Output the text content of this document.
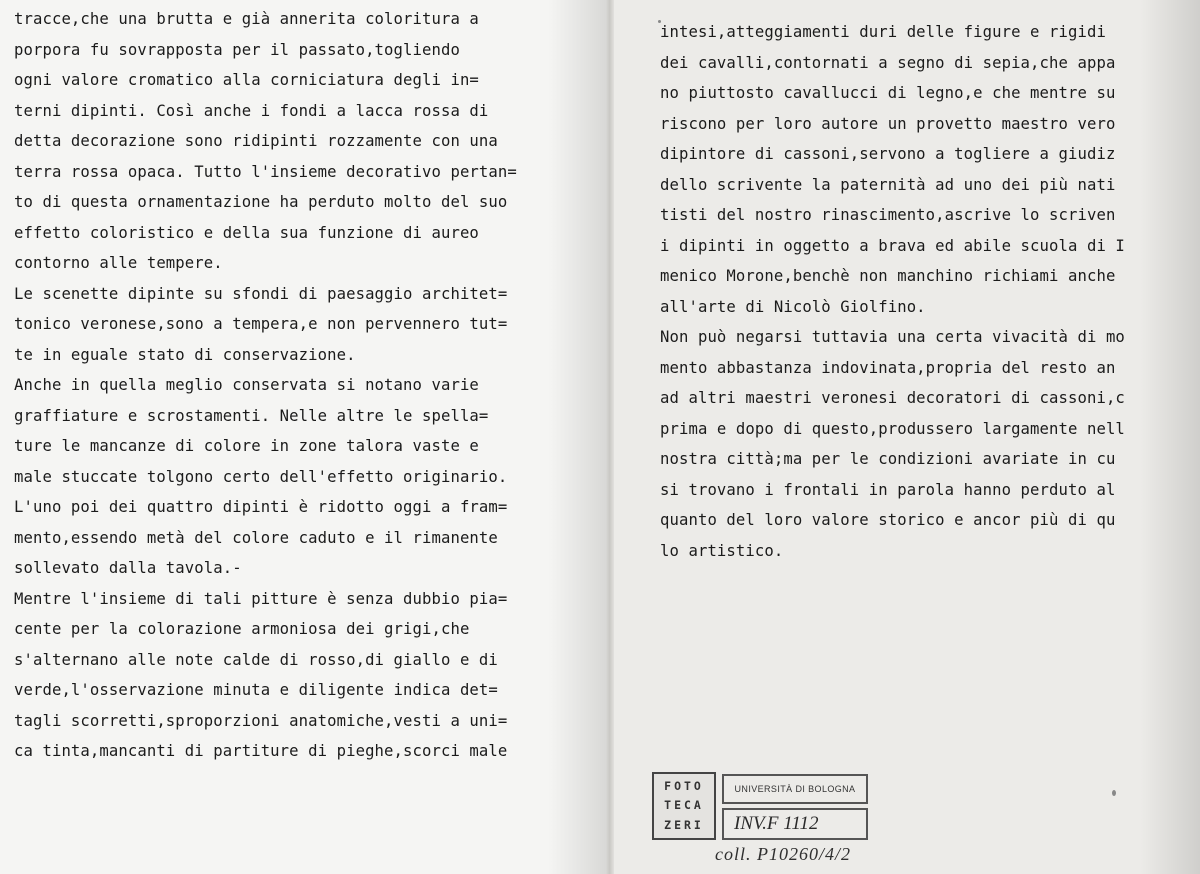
tracce,che una brutta e già annerita coloritura a
porpora fu sovrapposta per il passato,togliendo
ogni valore cromatico alla corniciatura degli in=
terni dipinti. Così anche i fondi a lacca rossa di
detta decorazione sono ridipinti rozzamente con una
terra rossa opaca. Tutto l'insieme decorativo pertan=
to di questa ornamentazione ha perduto molto del suo
effetto coloristico e della sua funzione di aureo
contorno alle tempere.
Le scenette dipinte su sfondi di paesaggio architet=
tonico veronese,sono a tempera,e non pervennero tut=
te in eguale stato di conservazione.
Anche in quella meglio conservata si notano varie
graffiature e scrostamenti. Nelle altre le spella=
ture le mancanze di colore in zone talora vaste e
male stuccate tolgono certo dell'effetto originario.
L'uno poi dei quattro dipinti è ridotto oggi a fram=
mento,essendo metà del colore caduto e il rimanente
sollevato dalla tavola.-
Mentre l'insieme di tali pitture è senza dubbio pia=
cente per la colorazione armoniosa dei grigi,che
s'alternano alle note calde di rosso,di giallo e di
verde,l'osservazione minuta e diligente indica det=
tagli scorretti,sproporzioni anatomiche,vesti a uni=
ca tinta,mancanti di partiture di pieghe,scorci male
intesi,atteggiamenti duri delle figure e rigidi
dei cavalli,contornati a segno di sepia,che appa
no piuttosto cavallucci di legno,e che mentre su
riscono per loro autore un provetto maestro vero
dipintore di cassoni,servono a togliere a giudiz
dello scrivente la paternità ad uno dei più nati
tisti del nostro rinascimento,ascrive lo scriven
i dipinti in oggetto a brava ed abile scuola di I
menico Morone,benchè non manchino richiami anche
all'arte di Nicolò Giolfino.
Non può negarsi tuttavia una certa vivacità di mo
mento abbastanza indovinata,propria del resto an
ad altri maestri veronesi decoratori di cassoni,c
prima e dopo di questo,produssero largamente nell
nostra città;ma per le condizioni avariate in cu
si trovano i frontali in parola hanno perduto al
quanto del loro valore storico e ancor più di qu
lo artistico.
FOTO
TECA
ZERI
UNIVERSITÀ DI BOLOGNA
INV.F 1112
coll. P10260/4/2
